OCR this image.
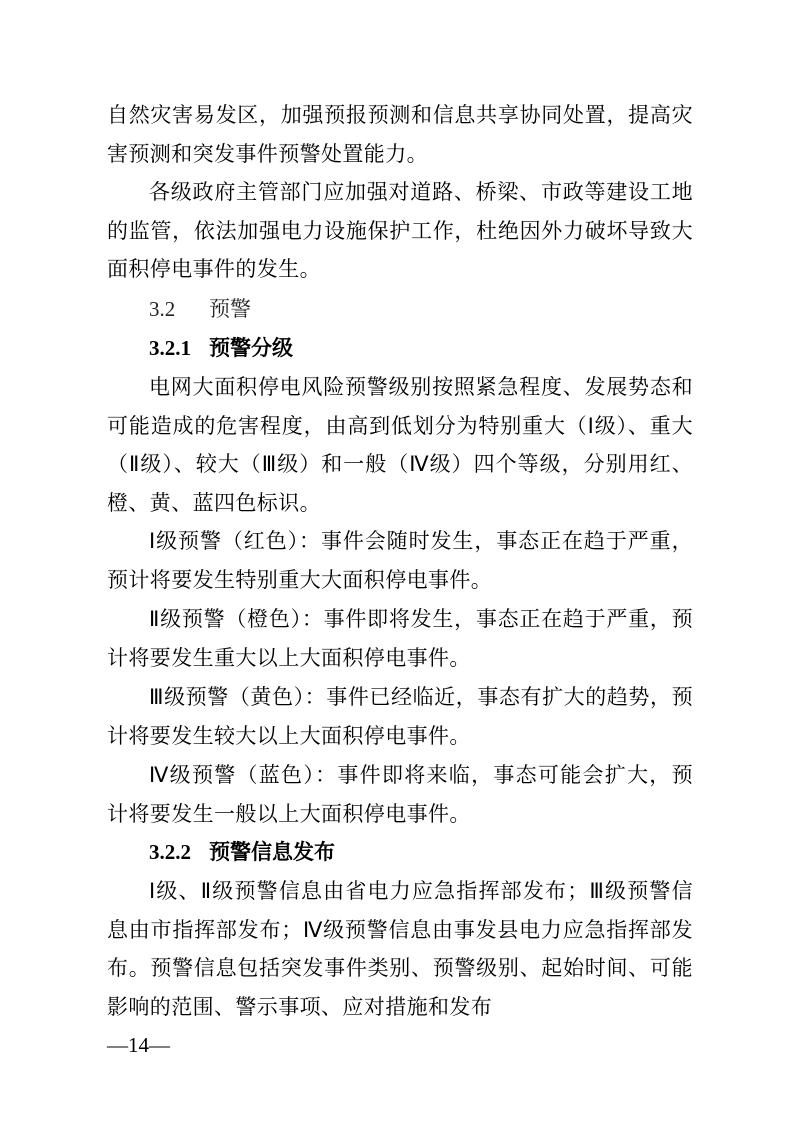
自然灾害易发区，加强预报预测和信息共享协同处置，提高灾害预测和突发事件预警处置能力。

各级政府主管部门应加强对道路、桥梁、市政等建设工地的监管，依法加强电力设施保护工作，杜绝因外力破坏导致大面积停电事件的发生。

3.2 预警
3.2.1 预警分级

电网大面积停电风险预警级别按照紧急程度、发展势态和可能造成的危害程度，由高到低划分为特别重大（Ⅰ级）、重大（Ⅱ级）、较大（Ⅲ级）和一般（Ⅳ级）四个等级，分别用红、橙、黄、蓝四色标识。

Ⅰ级预警（红色）：事件会随时发生，事态正在趋于严重，预计将要发生特别重大大面积停电事件。

Ⅱ级预警（橙色）：事件即将发生，事态正在趋于严重，预计将要发生重大以上大面积停电事件。

Ⅲ级预警（黄色）：事件已经临近，事态有扩大的趋势，预计将要发生较大以上大面积停电事件。

Ⅳ级预警（蓝色）：事件即将来临，事态可能会扩大，预计将要发生一般以上大面积停电事件。

3.2.2 预警信息发布

Ⅰ级、Ⅱ级预警信息由省电力应急指挥部发布；Ⅲ级预警信息由市指挥部发布；Ⅳ级预警信息由事发县电力应急指挥部发布。预警信息包括突发事件类别、预警级别、起始时间、可能影响的范围、警示事项、应对措施和发布

—14—
